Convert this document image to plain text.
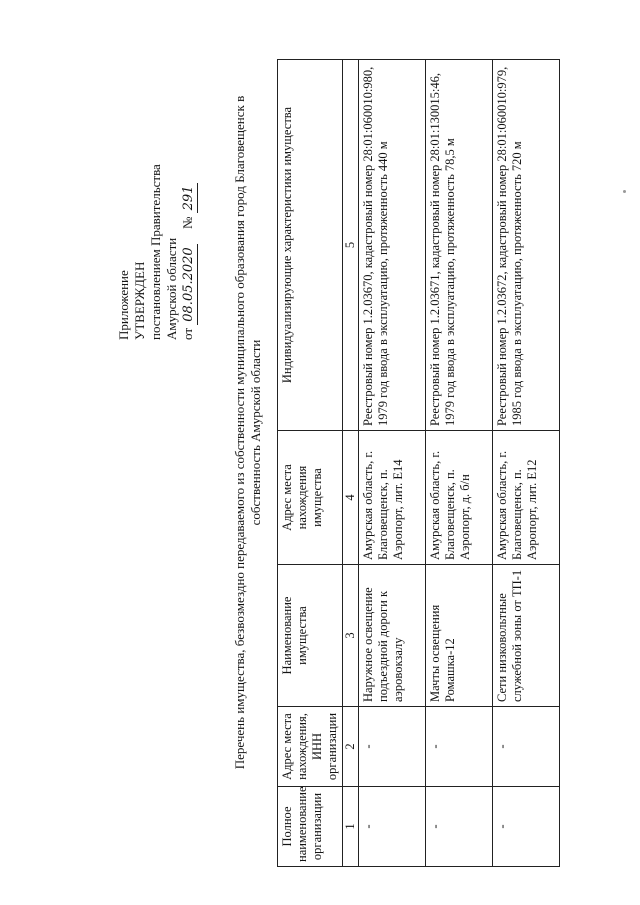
Приложение УТВЕРЖДЕН постановлением Правительства Амурской области от 08.05.2020 № 291	Перечень имущества, безвозмездно передаваемого из собственности муниципального образования город Благовещенск в собственность Амурской области
Полное наименование организации	Адрес места нахождения, ИНН организации	Наименование имущества	Адрес места нахождения имущества	Индивидуализирующие характеристики имущества
1	2	3	4	5
-	-	Наружное освещение подъездной дороги к аэровокзалу	Амурская область, г. Благовещенск, п. Аэропорт, лит. Е14	Реестровый номер 1.2.03670, кадастровый номер 28:01:060010:980, 1979 год ввода в эксплуатацию, протяженность 440 м
-	-	Мачты освещения Ромашка-12	Амурская область, г. Благовещенск, п. Аэропорт, д. б/н	Реестровый номер 1.2.03671, кадастровый номер 28:01:130015:46, 1979 год ввода в эксплуатацию, протяженность 78,5 м
-	-	Сети низковольтные служебной зоны от ТП-1	Амурская область, г. Благовещенск, п. Аэропорт, лит. Е12	Реестровый номер 1.2.03672, кадастровый номер 28:01:060010:979, 1985 год ввода в эксплуатацию, протяженность 720 м
